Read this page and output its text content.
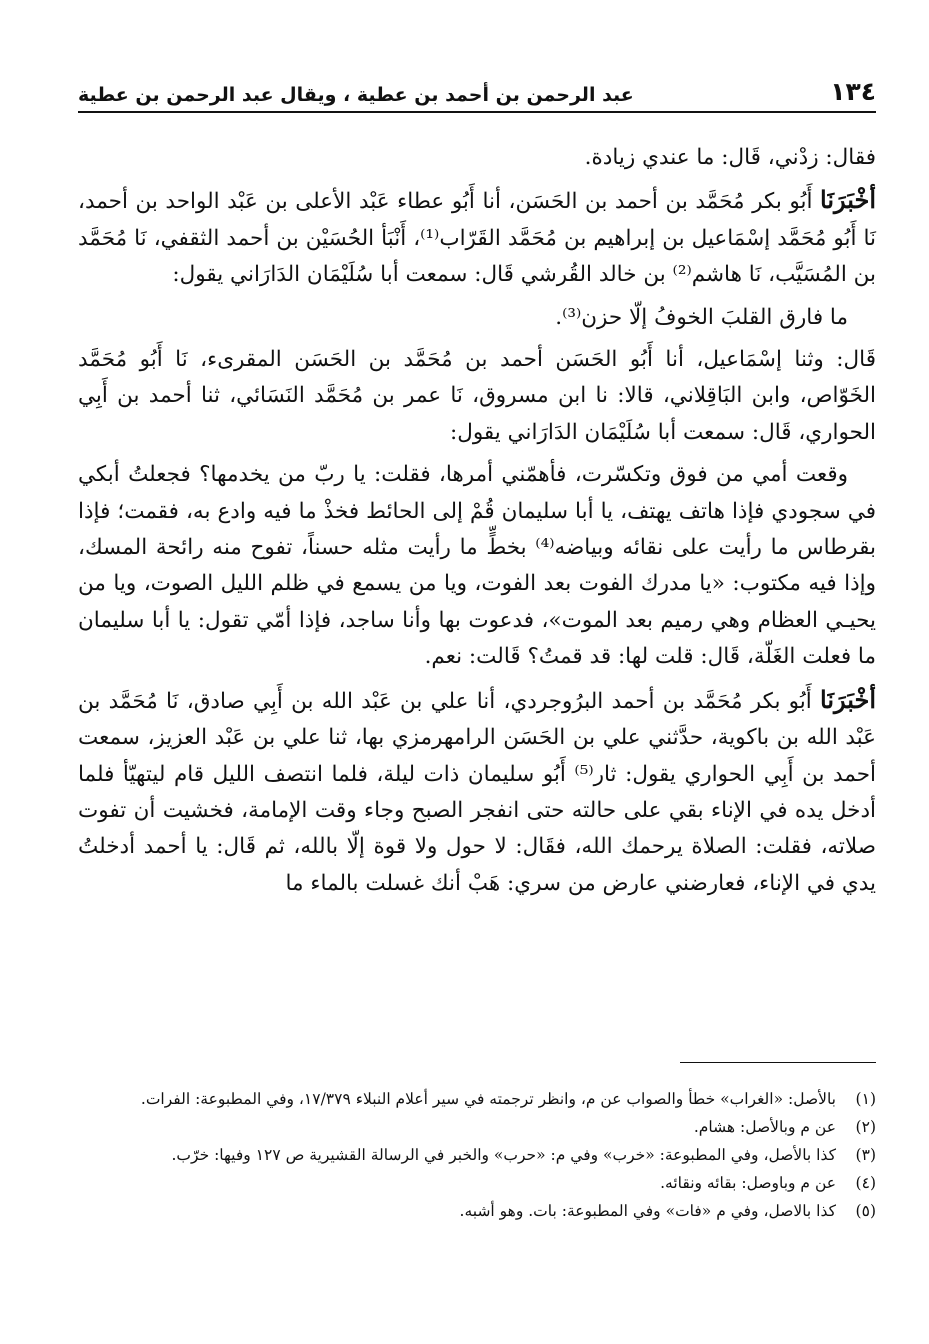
١٣٤
عبد الرحمن بن أحمد بن عطية ، ويقال عبد الرحمن بن عطية

فقال: زدْني، قَال: ما عندي زيادة.

أخْبَرَنَا أَبُو بكر مُحَمَّد بن أحمد بن الحَسَن، أنا أَبُو عطاء عَبْد الأعلى بن عَبْد الواحد بن أحمد، نَا أَبُو مُحَمَّد إسْمَاعيل بن إبراهيم بن مُحَمَّد القَرّاب⁽¹⁾، أَنْبَأ الحُسَيْن بن أحمد الثقفي، نَا مُحَمَّد بن المُسَيَّب، نَا هاشم⁽²⁾ بن خالد القُرشي قَال: سمعت أبا سُلَيْمَان الدَارَاني يقول:

ما فارق القلبَ الخوفُ إلّا حزن⁽³⁾.

قَال: وثنا إسْمَاعيل، أنا أَبُو الحَسَن أحمد بن مُحَمَّد بن الحَسَن المقرىء، نَا أَبُو مُحَمَّد الخَوّاص، وابن البَاقِلاني، قالا: نا ابن مسروق، نَا عمر بن مُحَمَّد النَسَائي، ثنا أحمد بن أَبِي الحواري، قَال: سمعت أبا سُلَيْمَان الدَارَاني يقول:

وقعت أمي من فوق وتكسّرت، فأهمّني أمرها، فقلت: يا ربّ من يخدمها؟ فجعلتُ أبكي في سجودي فإذا هاتف يهتف، يا أبا سليمان قُمْ إلى الحائط فخذْ ما فيه وادع به، فقمت؛ فإذا بقرطاس ما رأيت على نقائه وبياضه⁽⁴⁾ بخطٍّ ما رأيت مثله حسناً، تفوح منه رائحة المسك، وإذا فيه مكتوب: «يا مدرك الفوت بعد الفوت، ويا من يسمع في ظلم الليل الصوت، ويا من يحيـي العظام وهي رميم بعد الموت»، فدعوت بها وأنا ساجد، فإذا أمّي تقول: يا أبا سليمان ما فعلت الغَلّة، قَال: قلت لها: قد قمتُ؟ قَالت: نعم.

أخْبَرَنَا أَبُو بكر مُحَمَّد بن أحمد البرُوجردي، أنا علي بن عَبْد الله بن أَبِي صادق، نَا مُحَمَّد بن عَبْد الله بن باكوية، حدَّثني علي بن الحَسَن الرامهرمزي بها، ثنا علي بن عَبْد العزيز، سمعت أحمد بن أَبِي الحواري يقول: ثار⁽⁵⁾ أَبُو سليمان ذات ليلة، فلما انتصف الليل قام ليتهيّأ فلما أدخل يده في الإناء بقي على حالته حتى انفجر الصبح وجاء وقت الإمامة، فخشيت أن تفوت صلاته، فقلت: الصلاة يرحمك الله، فقَال: لا حول ولا قوة إلّا بالله، ثم قَال: يا أحمد أدخلتُ يدي في الإناء، فعارضني عارض من سري: هَبْ أنك غسلت بالماء ما

(١)
بالأصل: «الغراب» خطأ والصواب عن م، وانظر ترجمته في سير أعلام النبلاء ١٧/٣٧٩، وفي المطبوعة: الفرات.
(٢)
عن م وبالأصل: هشام.
(٣)
كذا بالأصل، وفي المطبوعة: «خرب» وفي م: «حرب» والخبر في الرسالة القشيرية ص ١٢٧ وفيها: خرّب.
(٤)
عن م وباوصل: بقائه ونقائه.
(٥)
كذا بالاصل، وفي م «فات» وفي المطبوعة: بات. وهو أشبه.
